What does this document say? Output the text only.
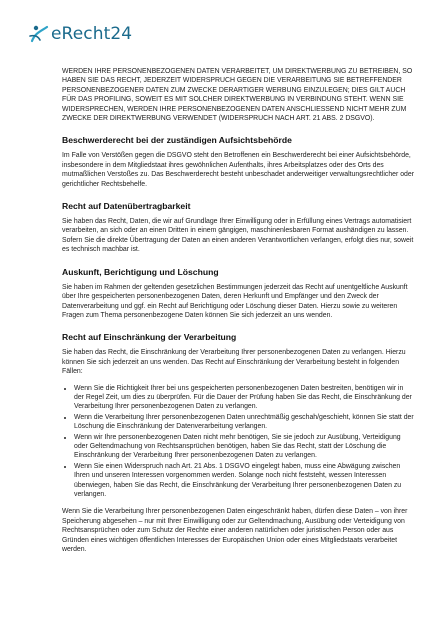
eRecht24

WERDEN IHRE PERSONENBEZOGENEN DATEN VERARBEITET, UM DIREKTWERBUNG ZU BETREIBEN, SO HABEN SIE DAS RECHT, JEDERZEIT WIDERSPRUCH GEGEN DIE VERARBEITUNG SIE BETREFFENDER PERSONENBEZOGENER DATEN ZUM ZWECKE DERARTIGER WERBUNG EINZULEGEN; DIES GILT AUCH FÜR DAS PROFILING, SOWEIT ES MIT SOLCHER DIREKTWERBUNG IN VERBINDUNG STEHT. WENN SIE WIDERSPRECHEN, WERDEN IHRE PERSONENBEZOGENEN DATEN ANSCHLIESSEND NICHT MEHR ZUM ZWECKE DER DIREKTWERBUNG VERWENDET (WIDERSPRUCH NACH ART. 21 ABS. 2 DSGVO).

Beschwerderecht bei der zuständigen Aufsichtsbehörde

Im Falle von Verstößen gegen die DSGVO steht den Betroffenen ein Beschwerderecht bei einer Aufsichtsbehörde, insbesondere in dem Mitgliedstaat ihres gewöhnlichen Aufenthalts, ihres Arbeitsplatzes oder des Orts des mutmaßlichen Verstoßes zu. Das Beschwerderecht besteht unbeschadet anderweitiger verwaltungsrechtlicher oder gerichtlicher Rechtsbehelfe.

Recht auf Datenübertragbarkeit

Sie haben das Recht, Daten, die wir auf Grundlage Ihrer Einwilligung oder in Erfüllung eines Vertrags automatisiert verarbeiten, an sich oder an einen Dritten in einem gängigen, maschinenlesbaren Format aushändigen zu lassen. Sofern Sie die direkte Übertragung der Daten an einen anderen Verantwortlichen verlangen, erfolgt dies nur, soweit es technisch machbar ist.

Auskunft, Berichtigung und Löschung

Sie haben im Rahmen der geltenden gesetzlichen Bestimmungen jederzeit das Recht auf unentgeltliche Auskunft über Ihre gespeicherten personenbezogenen Daten, deren Herkunft und Empfänger und den Zweck der Datenverarbeitung und ggf. ein Recht auf Berichtigung oder Löschung dieser Daten. Hierzu sowie zu weiteren Fragen zum Thema personenbezogene Daten können Sie sich jederzeit an uns wenden.

Recht auf Einschränkung der Verarbeitung

Sie haben das Recht, die Einschränkung der Verarbeitung Ihrer personenbezogenen Daten zu verlangen. Hierzu können Sie sich jederzeit an uns wenden. Das Recht auf Einschränkung der Verarbeitung besteht in folgenden Fällen:

• Wenn Sie die Richtigkeit Ihrer bei uns gespeicherten personenbezogenen Daten bestreiten, benötigen wir in der Regel Zeit, um dies zu überprüfen. Für die Dauer der Prüfung haben Sie das Recht, die Einschränkung der Verarbeitung Ihrer personenbezogenen Daten zu verlangen.
• Wenn die Verarbeitung Ihrer personenbezogenen Daten unrechtmäßig geschah/geschieht, können Sie statt der Löschung die Einschränkung der Datenverarbeitung verlangen.
• Wenn wir Ihre personenbezogenen Daten nicht mehr benötigen, Sie sie jedoch zur Ausübung, Verteidigung oder Geltendmachung von Rechtsansprüchen benötigen, haben Sie das Recht, statt der Löschung die Einschränkung der Verarbeitung Ihrer personenbezogenen Daten zu verlangen.
• Wenn Sie einen Widerspruch nach Art. 21 Abs. 1 DSGVO eingelegt haben, muss eine Abwägung zwischen Ihren und unseren Interessen vorgenommen werden. Solange noch nicht feststeht, wessen Interessen überwiegen, haben Sie das Recht, die Einschränkung der Verarbeitung Ihrer personenbezogenen Daten zu verlangen.

Wenn Sie die Verarbeitung Ihrer personenbezogenen Daten eingeschränkt haben, dürfen diese Daten – von ihrer Speicherung abgesehen – nur mit Ihrer Einwilligung oder zur Geltendmachung, Ausübung oder Verteidigung von Rechtsansprüchen oder zum Schutz der Rechte einer anderen natürlichen oder juristischen Person oder aus Gründen eines wichtigen öffentlichen Interesses der Europäischen Union oder eines Mitgliedstaats verarbeitet werden.
